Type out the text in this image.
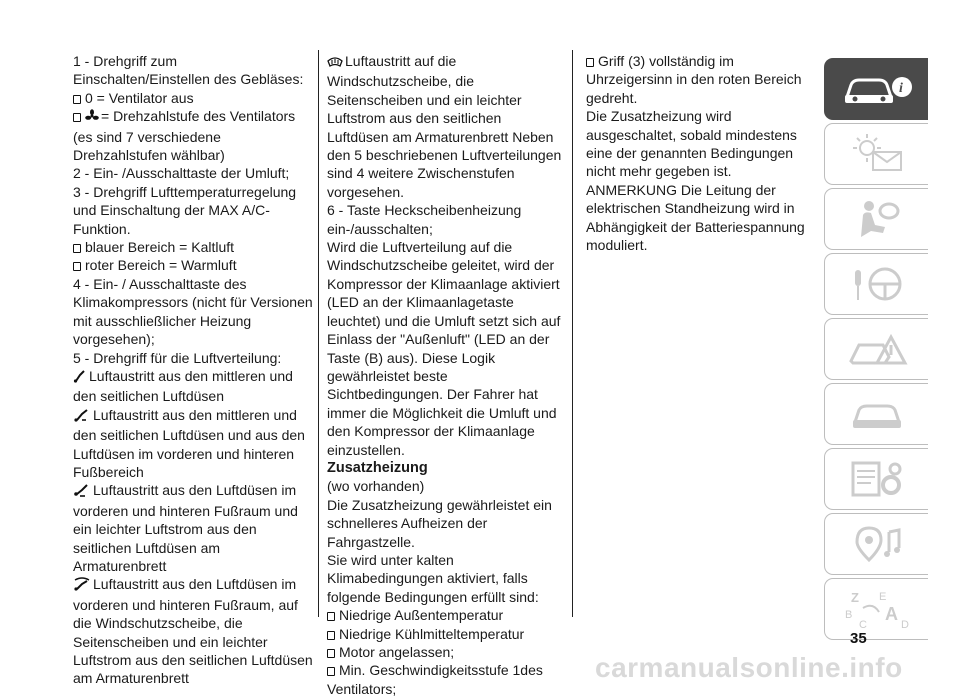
1 - Drehgriff zum Einschalten/Einstellen des Gebläses:

0 = Ventilator aus

= Drehzahlstufe des Ventilators (es sind 7 verschiedene Drehzahlstufen wählbar)

2 - Ein- /Ausschalttaste der Umluft;

3 - Drehgriff Lufttemperaturregelung und Einschaltung der MAX A/C-Funktion.

blauer Bereich = Kaltluft

roter Bereich = Warmluft

4 - Ein- / Ausschalttaste des Klimakompressors (nicht für Versionen mit ausschließlicher Heizung vorgesehen);

5 - Drehgriff für die Luftverteilung:

Luftaustritt aus den mittleren und den seitlichen Luftdüsen

Luftaustritt aus den mittleren und den seitlichen Luftdüsen und aus den Luftdüsen im vorderen und hinteren Fußbereich

Luftaustritt aus den Luftdüsen im vorderen und hinteren Fußraum und ein leichter Luftstrom aus den seitlichen Luftdüsen am Armaturenbrett

Luftaustritt aus den Luftdüsen im vorderen und hinteren Fußraum, auf die Windschutzscheibe, die Seitenscheiben und ein leichter Luftstrom aus den seitlichen Luftdüsen am Armaturenbrett

Luftaustritt auf die Windschutzscheibe, die Seitenscheiben und ein leichter Luftstrom aus den seitlichen Luftdüsen am Armaturenbrett Neben den 5 beschriebenen Luftverteilungen sind 4 weitere Zwischenstufen vorgesehen.

6 - Taste Heckscheibenheizung ein-/ausschalten;

Wird die Luftverteilung auf die Windschutzscheibe geleitet, wird der Kompressor der Klimaanlage aktiviert (LED an der Klimaanlagetaste leuchtet) und die Umluft setzt sich auf Einlass der "Außenluft" (LED an der Taste (B) aus). Diese Logik gewährleistet beste Sichtbedingungen. Der Fahrer hat immer die Möglichkeit die Umluft und den Kompressor der Klimaanlage einzustellen.

Zusatzheizung

(wo vorhanden)

Die Zusatzheizung gewährleistet ein schnelleres Aufheizen der Fahrgastzelle.

Sie wird unter kalten Klimabedingungen aktiviert, falls folgende Bedingungen erfüllt sind:

Niedrige Außentemperatur

Niedrige Kühlmitteltemperatur

Motor angelassen;

Min. Geschwindigkeitsstufe 1des Ventilators;

Griff (3) vollständig im Uhrzeigersinn in den roten Bereich gedreht.

Die Zusatzheizung wird ausgeschaltet, sobald mindestens eine der genannten Bedingungen nicht mehr gegeben ist.

ANMERKUNG Die Leitung der elektrischen Standheizung wird in Abhängigkeit der Batteriespannung moduliert.

i
Z E
B A
C	D
35
carmanualsonline.info
